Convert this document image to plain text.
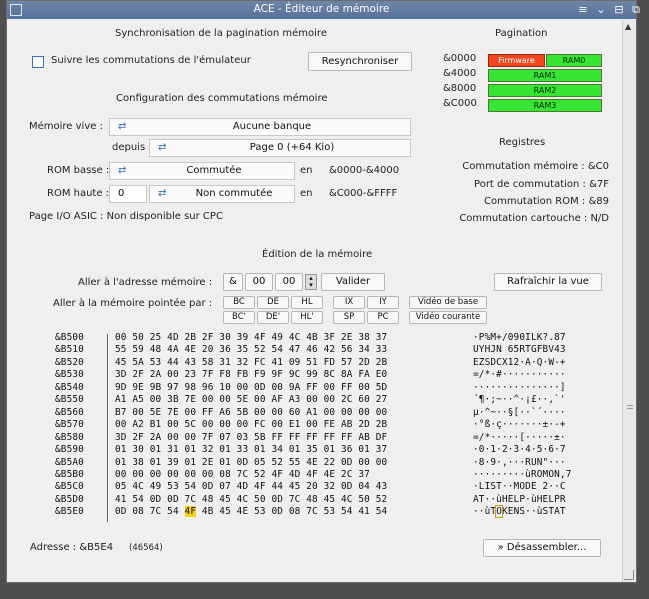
ACE - Éditeur de mémoire	≡ ⌄ ⊟ ⧉
▲
Synchronisation de la pagination mémoire
Suivre les commutations de l'émulateur	Resynchroniser
Pagination
&0000
&4000
&8000
&C000
Firmware	RAM0
RAM1
RAM2
RAM3
Configuration des commutations mémoire
Mémoire vive : ⇄	Aucune banque
depuis ⇄	Page 0 (+64 Kio)
ROM basse : ⇄	Commutée	en &0000-&4000
ROM haute : 0	⇄	Non commutée	en &C000-&FFFF
Page I/O ASIC : Non disponible sur CPC
Registres
Commutation mémoire : &C0
Port de commutation : &7F
Commutation ROM : &89
Commutation cartouche : N/D
Édition de la mémoire
Aller à l'adresse mémoire :	&	00	00	▴
▾	Valider	Rafraîchir la vue
Aller à la mémoire pointée par :	BC	DE	HL
BC'	DE'	HL'
IX	IY
SP	PC
Vidéo de base
Vidéo courante
&B500	00 50 25 4D 2B 2F 30 39 4F 49 4C 4B 3F 2E 38 37	·P%M+/090ILK?.87
&B510	55 59 48 4A 4E 20 36 35 52 54 47 46 42 56 34 33	UYHJN 65RTGFBV43
&B520	45 5A 53 44 43 58 31 32 FC 41 09 51 FD 57 2D 2B	EZSDCX12·A·Q·W-+
&B530	3D 2F 2A 00 23 7F F8 FB F9 9F 9C 99 8C 8A FA E0	=/*·#···········
&B540	9D 9E 9B 97 98 96 10 00 0D 00 9A FF 00 FF 00 5D	···············]
&B550	A1 A5 00 3B 7E 00 00 5E 00 AF A3 00 00 2C 60 27	´¶·;~··^·¡£··,`'
&B560	B7 00 5E 7E 00 FF A6 5B 00 00 60 A1 00 00 00 00	µ·^~··§[··`´····
&B570	00 A2 B1 00 5C 00 00 00 FC 00 E1 00 FE AB 2D 2B	·°ß·ç·······±·-+
&B580	3D 2F 2A 00 00 7F 07 03 5B FF FF FF FF FF AB DF	=/*·····[·····±·
&B590	01 30 01 31 01 32 01 33 01 34 01 35 01 36 01 37	·0·1·2·3·4·5·6·7
&B5A0	01 38 01 39 01 2E 01 0D 05 52 55 4E 22 0D 00 00	·8·9·,···RUN"···
&B5B0	00 00 00 00 00 00 08 7C 52 4F 4D 4F 4E 2C 37	·········ùROMON,7
&B5C0	05 4C 49 53 54 0D 07 4D 4F 44 45 20 32 0D 04 43	·LIST··MODE 2··C
&B5D0	41 54 0D 0D 7C 48 45 4C 50 0D 7C 48 45 4C 50 52	AT··ùHELP·ùHELPR
&B5E0	0D 08 7C 54 4F 4B 45 4E 53 0D 08 7C 53 54 41 54	··ùTOKENS··ùSTAT
Adresse : &B5E4 (46564)	» Désassembler...
